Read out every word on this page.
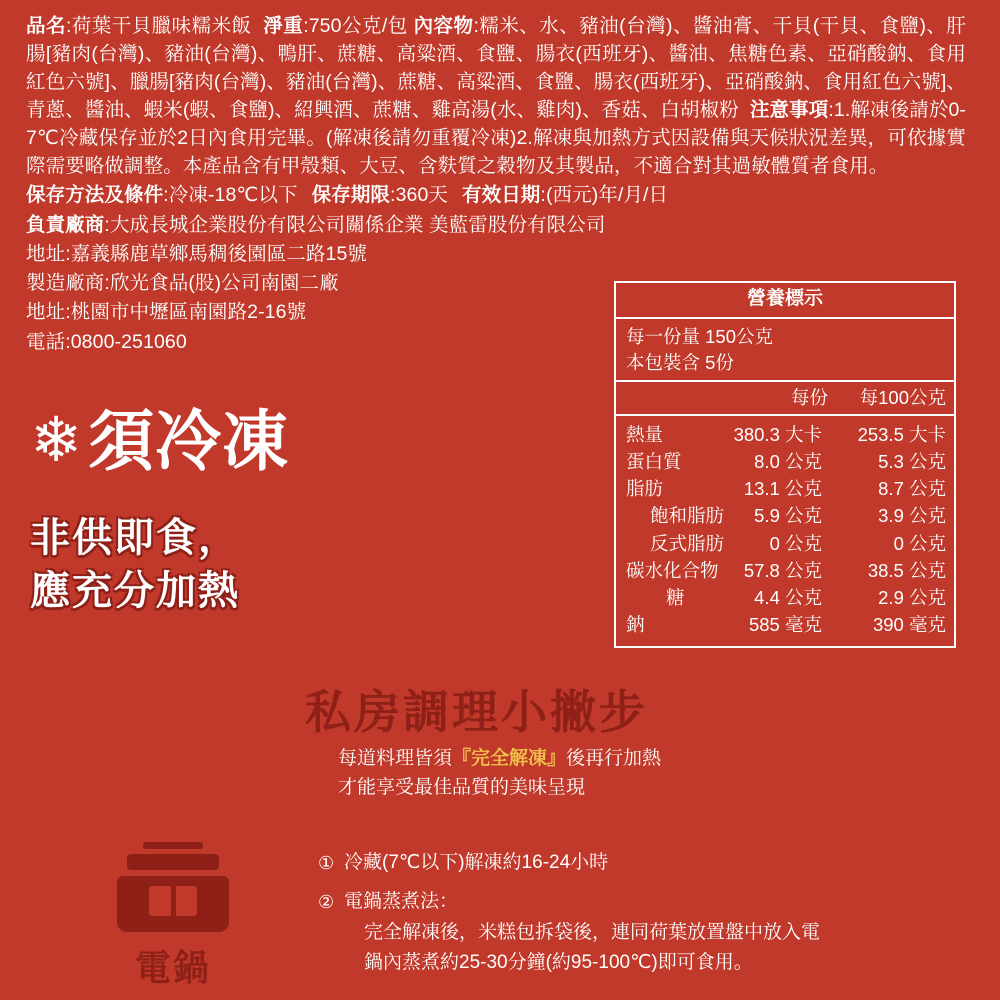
品名:荷葉干貝臘味糯米飯 淨重:750公克/包 內容物:糯米、水、豬油(台灣)、醬油膏、干貝(干貝、食鹽)、肝腸[豬肉(台灣)、豬油(台灣)、鴨肝、蔗糖、高粱酒、食鹽、腸衣(西班牙)、醬油、焦糖色素、亞硝酸鈉、食用紅色六號]、臘腸[豬肉(台灣)、豬油(台灣)、蔗糖、高粱酒、食鹽、腸衣(西班牙)、亞硝酸鈉、食用紅色六號]、青蔥、醬油、蝦米(蝦、食鹽)、紹興酒、蔗糖、雞高湯(水、雞肉)、香菇、白胡椒粉 注意事項:1.解凍後請於0-7℃冷藏保存並於2日內食用完畢。(解凍後請勿重覆冷凍)2.解凍與加熱方式因設備與天候狀況差異，可依據實際需要略做調整。本產品含有甲殼類、大豆、含麩質之穀物及其製品，不適合對其過敏體質者食用。

保存方法及條件:冷凍-18℃以下 保存期限:360天 有效日期:(西元)年/月/日

負責廠商:大成長城企業股份有限公司關係企業 美藍雷股份有限公司

地址:嘉義縣鹿草鄉馬稠後園區二路15號

製造廠商:欣光食品(股)公司南園二廠

地址:桃園市中壢區南園路2-16號

電話:0800-251060

營養標示
每一份量 150公克
本包裝含 5份
每份 每100公克
熱量	380.3 大卡	253.5 大卡
蛋白質	8.0 公克	5.3 公克
脂肪	13.1 公克	8.7 公克
飽和脂肪	5.9 公克	3.9 公克
反式脂肪	0 公克	0 公克
碳水化合物	57.8 公克	38.5 公克
糖	4.4 公克	2.9 公克
鈉	585 毫克	390 毫克
❄ 須冷凍
非供即食，
應充分加熱
私房調理小撇步
每道料理皆須『完全解凍』後再行加熱
才能享受最佳品質的美味呈現
① 冷藏(7℃以下)解凍約16-24小時
② 電鍋蒸煮法：
完全解凍後，米糕包拆袋後，連同荷葉放置盤中放入電
鍋內蒸煮約25-30分鐘(約95-100℃)即可食用。
電鍋
